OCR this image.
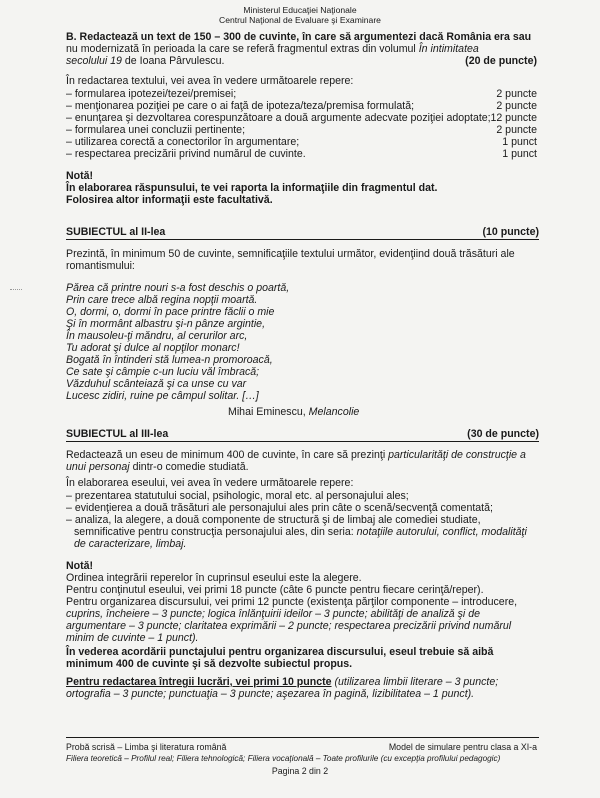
Ministerul Educaţiei Naţionale
Centrul Naţional de Evaluare şi Examinare
B. Redactează un text de 150 – 300 de cuvinte, în care să argumentezi dacă România era sau
nu modernizată în perioada la care se referă fragmentul extras din volumul În intimitatea
secolului 19 de Ioana Pârvulescu.	(20 de puncte)
În redactarea textului, vei avea în vedere următoarele repere:
– formularea ipotezei/tezei/premisei;	2 puncte
– menţionarea poziţiei pe care o ai faţă de ipoteza/teza/premisa formulată;	2 puncte
– enunţarea şi dezvoltarea corespunzătoare a două argumente adecvate poziţiei adoptate; 12 puncte
– formularea unei concluzii pertinente;	2 puncte
– utilizarea corectă a conectorilor în argumentare;	1 punct
– respectarea precizării privind numărul de cuvinte.	1 punct
Notă!
În elaborarea răspunsului, te vei raporta la informaţiile din fragmentul dat.
Folosirea altor informaţii este facultativă.
SUBIECTUL al II-lea	(10 puncte)
Prezintă, în minimum 50 de cuvinte, semnificaţiile textului următor, evidenţiind două trăsături ale
romantismului:
Părea că printre nouri s-a fost deschis o poartă,
Prin care trece albă regina nopţii moartă.
O, dormi, o, dormi în pace printre făclii o mie
Şi în mormânt albastru şi-n pânze argintie,
În mausoleu-ţi măndru, al cerurilor arc,
Tu adorat şi dulce al nopţilor monarc!
Bogată în întinderi stă lumea-n promoroacă,
Ce sate şi câmpie c-un luciu văl îmbracă;
Văzduhul scânteiază şi ca unse cu var
Lucesc zidiri, ruine pe câmpul solitar. […]
Mihai Eminescu, Melancolie
SUBIECTUL al III-lea	(30 de puncte)
Redactează un eseu de minimum 400 de cuvinte, în care să prezinţi particularităţi de construcţie a
unui personaj dintr-o comedie studiată.
În elaborarea eseului, vei avea în vedere următoarele repere:
– prezentarea statutului social, psihologic, moral etc. al personajului ales;
– evidenţierea a două trăsături ale personajului ales prin câte o scenă/secvenţă comentată;
– analiza, la alegere, a două componente de structură şi de limbaj ale comediei studiate,
semnificative pentru construcţia personajului ales, din seria: notaţiile autorului, conflict, modalităţi
de caracterizare, limbaj.
Notă!
Ordinea integrării reperelor în cuprinsul eseului este la alegere.
Pentru conţinutul eseului, vei primi 18 puncte (câte 6 puncte pentru fiecare cerinţă/reper).
Pentru organizarea discursului, vei primi 12 puncte (existenţa părţilor componente – introducere,
cuprins, încheiere – 3 puncte; logica înlănţuirii ideilor – 3 puncte; abilităţi de analiză şi de
argumentare – 3 puncte; claritatea exprimării – 2 puncte; respectarea precizării privind numărul
minim de cuvinte – 1 punct).
În vederea acordării punctajului pentru organizarea discursului, eseul trebuie să aibă
minimum 400 de cuvinte şi să dezvolte subiectul propus.
Pentru redactarea întregii lucrări, vei primi 10 puncte (utilizarea limbii literare – 3 puncte;
ortografia – 3 puncte; punctuaţia – 3 puncte; aşezarea în pagină, lizibilitatea – 1 punct).
Probă scrisă – Limba şi literatura română	Model de simulare pentru clasa a XI-a
Filiera teoretică – Profilul real; Filiera tehnologică; Filiera vocaţională – Toate profilurile (cu excepţia profilului pedagogic)
Pagina 2 din 2
